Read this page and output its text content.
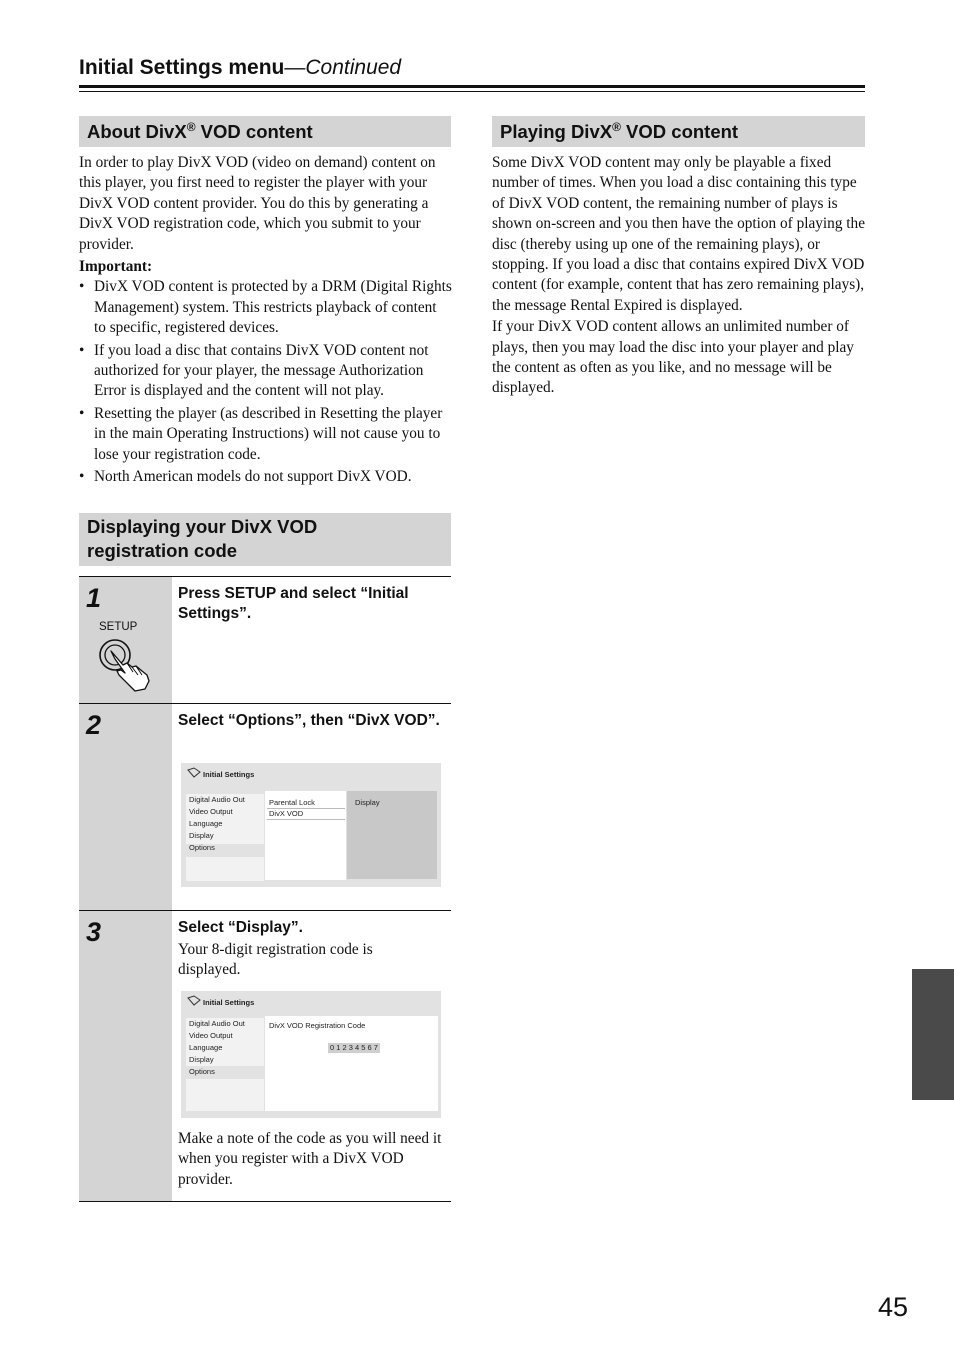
Initial Settings menu—Continued
About DivX® VOD content

In order to play DivX VOD (video on demand) content on this player, you first need to register the player with your DivX VOD content provider. You do this by generating a DivX VOD registration code, which you submit to your provider.

Important:

• DivX VOD content is protected by a DRM (Digital Rights Management) system. This restricts playback of content to specific, registered devices.
• If you load a disc that contains DivX VOD content not authorized for your player, the message Authorization Error is displayed and the content will not play.
• Resetting the player (as described in Resetting the player in the main Operating Instructions) will not cause you to lose your registration code.
• North American models do not support DivX VOD.
Displaying your DivX VOD registration code
1
SETUP
Press SETUP and select “Initial Settings”.
2	Select “Options”, then “DivX VOD”.
Initial Settings
Digital Audio Out
Video Output
Language
Display
Options
Parental Lock
DivX VOD
Display
3	Select “Display”.
Your 8-digit registration code is displayed.
Initial Settings
Digital Audio Out
Video Output
Language
Display
Options
DivX VOD Registration Code
0 1 2 3 4 5 6 7
Make a note of the code as you will need it when you register with a DivX VOD provider.
Playing DivX® VOD content

Some DivX VOD content may only be playable a fixed number of times. When you load a disc containing this type of DivX VOD content, the remaining number of plays is shown on-screen and you then have the option of playing the disc (thereby using up one of the remaining plays), or stopping. If you load a disc that contains expired DivX VOD content (for example, content that has zero remaining plays), the message Rental Expired is displayed.

If your DivX VOD content allows an unlimited number of plays, then you may load the disc into your player and play the content as often as you like, and no message will be displayed.

45
